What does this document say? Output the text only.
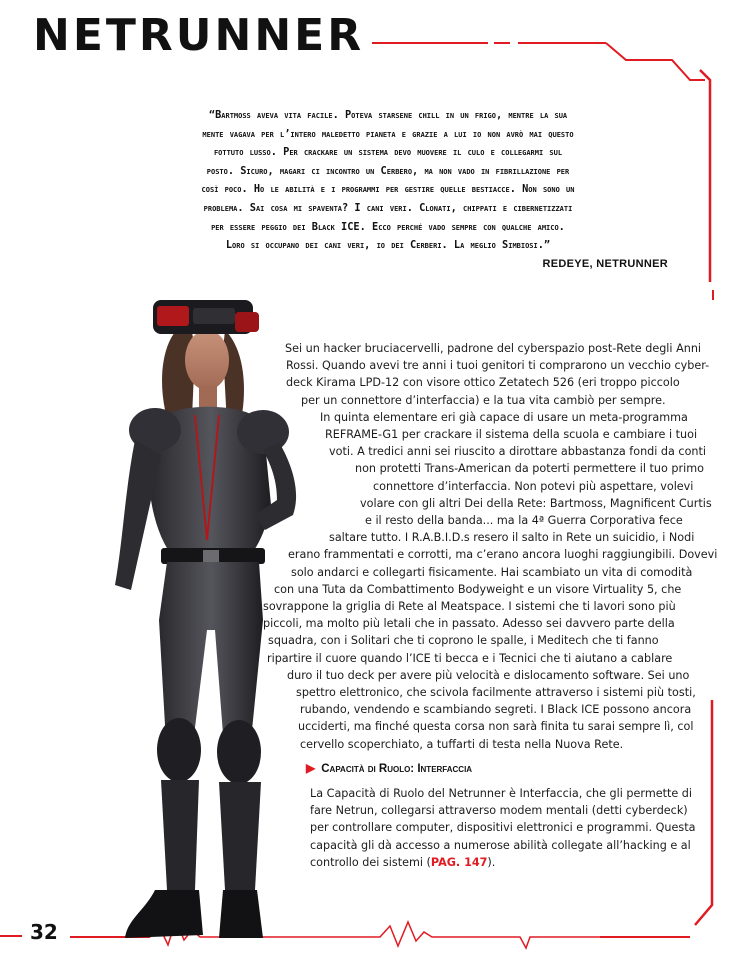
NETRUNNER
“Bartmoss aveva vita facile. Poteva starsene chill in un frigo, mentre la sua
mente vagava per l’intero maledetto pianeta e grazie a lui io non avrò mai questo
fottuto lusso. Per crackare un sistema devo muovere il culo e collegarmi sul
posto. Sicuro, magari ci incontro un Cerbero, ma non vado in fibrillazione per
così poco. Ho le abilità e i programmi per gestire quelle bestiacce. Non sono un
problema. Sai cosa mi spaventa? I cani veri. Clonati, chippati e cibernetizzati
per essere peggio dei Black ICE. Ecco perché vado sempre con qualche amico.
Loro si occupano dei cani veri, io dei Cerberi. La meglio Simbiosi.”
REDEYE, NETRUNNER
Sei un hacker bruciacervelli, padrone del cyberspazio post-Rete degli Anni
Rossi. Quando avevi tre anni i tuoi genitori ti comprarono un vecchio cyber-
deck Kirama LPD-12 con visore ottico Zetatech 526 (eri troppo piccolo
per un connettore d’interfaccia) e la tua vita cambiò per sempre.
In quinta elementare eri già capace di usare un meta-programma
REFRAME-G1 per crackare il sistema della scuola e cambiare i tuoi
voti. A tredici anni sei riuscito a dirottare abbastanza fondi da conti
non protetti Trans-American da poterti permettere il tuo primo
connettore d’interfaccia. Non potevi più aspettare, volevi
volare con gli altri Dei della Rete: Bartmoss, Magnificent Curtis
e il resto della banda... ma la 4ª Guerra Corporativa fece
saltare tutto. I R.A.B.I.D.s resero il salto in Rete un suicidio, i Nodi
erano frammentati e corrotti, ma c’erano ancora luoghi raggiungibili. Dovevi
solo andarci e collegarti fisicamente. Hai scambiato un vita di comodità
con una Tuta da Combattimento Bodyweight e un visore Virtuality 5, che
sovrappone la griglia di Rete al Meatspace. I sistemi che ti lavori sono più
piccoli, ma molto più letali che in passato. Adesso sei davvero parte della
squadra, con i Solitari che ti coprono le spalle, i Meditech che ti fanno
ripartire il cuore quando l’ICE ti becca e i Tecnici che ti aiutano a cablare
duro il tuo deck per avere più velocità e dislocamento software. Sei uno
spettro elettronico, che scivola facilmente attraverso i sistemi più tosti,
rubando, vendendo e scambiando segreti. I Black ICE possono ancora
ucciderti, ma finché questa corsa non sarà finita tu sarai sempre lì, col
cervello scoperchiato, a tuffarti di testa nella Nuova Rete.
▶ Capacità di Ruolo: Interfaccia
La Capacità di Ruolo del Netrunner è Interfaccia, che gli permette di
fare Netrun, collegarsi attraverso modem mentali (detti cyberdeck)
per controllare computer, dispositivi elettronici e programmi. Questa
capacità gli dà accesso a numerose abilità collegate all’hacking e al
controllo dei sistemi (PAG. 147).
32
